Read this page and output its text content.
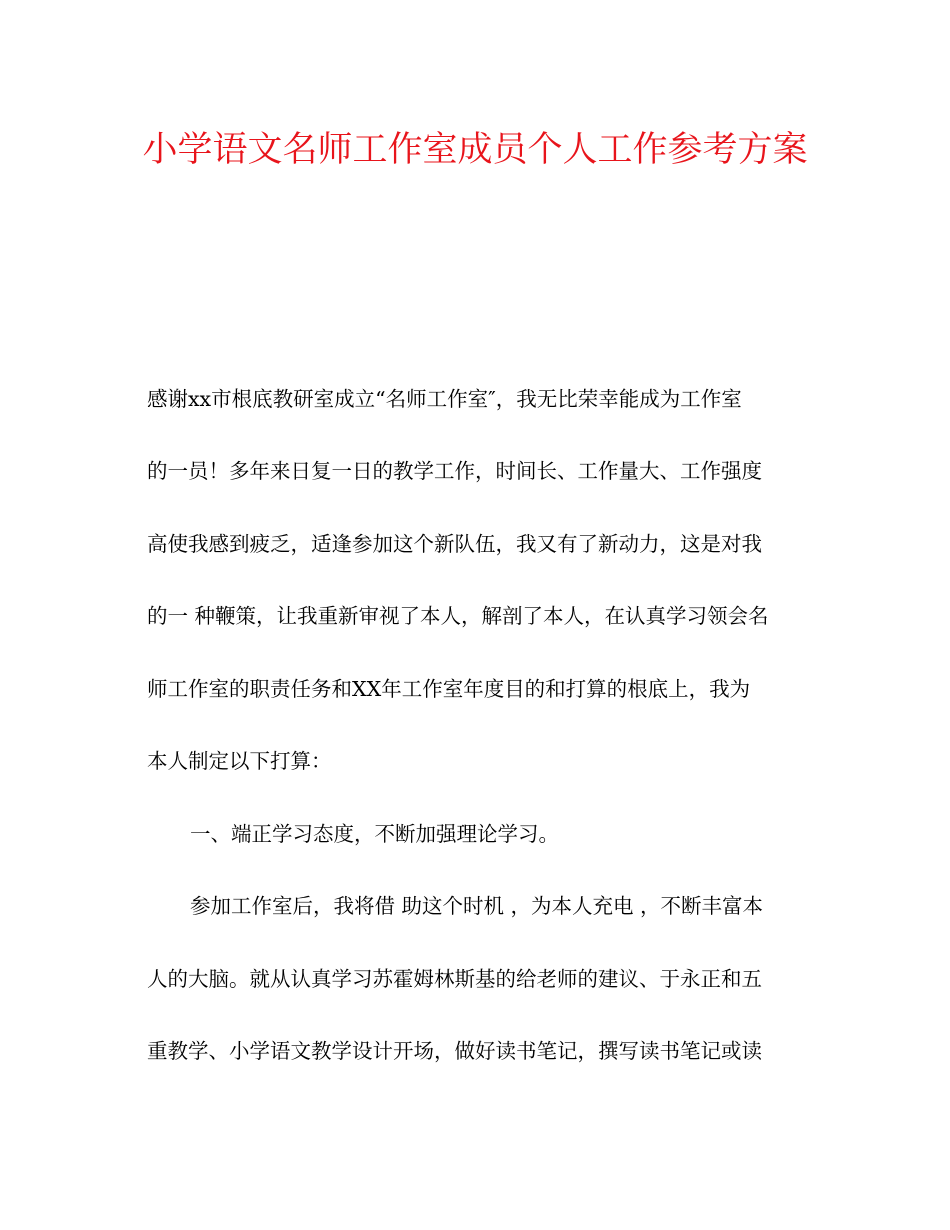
小学语文名师工作室成员个人工作参考方案

感谢xx市根底教研室成立“名师工作室″，我无比荣幸能成为工作室

的一员！多年来日复一日的教学工作，时间长、工作量大、工作强度

高使我感到疲乏，适逢参加这个新队伍，我又有了新动力，这是对我

的一 种鞭策，让我重新审视了本人，解剖了本人，在认真学习领会名

师工作室的职责任务和XX年工作室年度目的和打算的根底上，我为

本人制定以下打算：

一、端正学习态度，不断加强理论学习。

参加工作室后，我将借 助这个时机 ，为本人充电 ，不断丰富本

人的大脑。就从认真学习苏霍姆林斯基的给老师的建议、于永正和五

重教学、小学语文教学设计开场，做好读书笔记，撰写读书笔记或读
